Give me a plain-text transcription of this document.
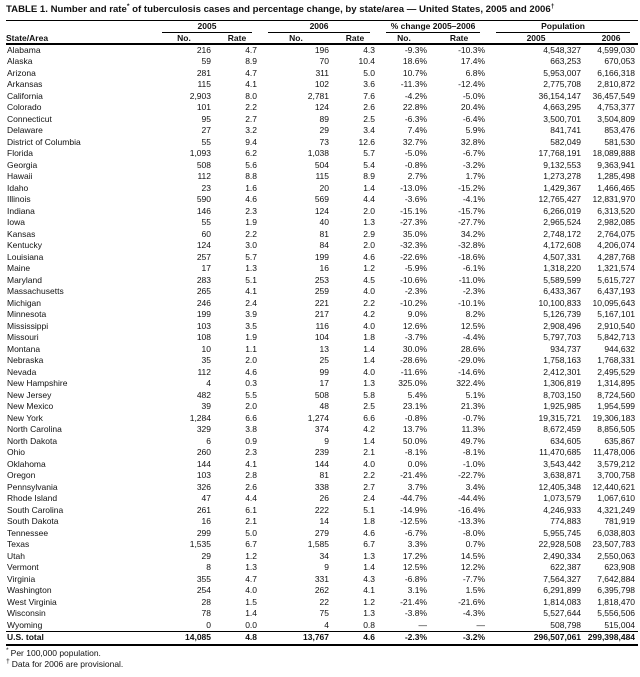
TABLE 1. Number and rate* of tuberculosis cases and percentage change, by state/area — United States, 2005 and 2006†
State/Area	2005		2006		% change 2005–2006		Population	

	No.	Rate	No.	Rate	No.	Rate	2005	2006
Alabama	216	4.7	196	4.3	-9.3%	-10.3%	4,548,327	4,599,030
Alaska	59	8.9	70	10.4	18.6%	17.4%	663,253	670,053
Arizona	281	4.7	311	5.0	10.7%	6.8%	5,953,007	6,166,318
Arkansas	115	4.1	102	3.6	-11.3%	-12.4%	2,775,708	2,810,872
California	2,903	8.0	2,781	7.6	-4.2%	-5.0%	36,154,147	36,457,549
Colorado	101	2.2	124	2.6	22.8%	20.4%	4,663,295	4,753,377
Connecticut	95	2.7	89	2.5	-6.3%	-6.4%	3,500,701	3,504,809
Delaware	27	3.2	29	3.4	7.4%	5.9%	841,741	853,476
District of Columbia	55	9.4	73	12.6	32.7%	32.8%	582,049	581,530
Florida	1,093	6.2	1,038	5.7	-5.0%	-6.7%	17,768,191	18,089,888
Georgia	508	5.6	504	5.4	-0.8%	-3.2%	9,132,553	9,363,941
Hawaii	112	8.8	115	8.9	2.7%	1.7%	1,273,278	1,285,498
Idaho	23	1.6	20	1.4	-13.0%	-15.2%	1,429,367	1,466,465
Illinois	590	4.6	569	4.4	-3.6%	-4.1%	12,765,427	12,831,970
Indiana	146	2.3	124	2.0	-15.1%	-15.7%	6,266,019	6,313,520
Iowa	55	1.9	40	1.3	-27.3%	-27.7%	2,965,524	2,982,085
Kansas	60	2.2	81	2.9	35.0%	34.2%	2,748,172	2,764,075
Kentucky	124	3.0	84	2.0	-32.3%	-32.8%	4,172,608	4,206,074
Louisiana	257	5.7	199	4.6	-22.6%	-18.6%	4,507,331	4,287,768
Maine	17	1.3	16	1.2	-5.9%	-6.1%	1,318,220	1,321,574
Maryland	283	5.1	253	4.5	-10.6%	-11.0%	5,589,599	5,615,727
Massachusetts	265	4.1	259	4.0	-2.3%	-2.3%	6,433,367	6,437,193
Michigan	246	2.4	221	2.2	-10.2%	-10.1%	10,100,833	10,095,643
Minnesota	199	3.9	217	4.2	9.0%	8.2%	5,126,739	5,167,101
Mississippi	103	3.5	116	4.0	12.6%	12.5%	2,908,496	2,910,540
Missouri	108	1.9	104	1.8	-3.7%	-4.4%	5,797,703	5,842,713
Montana	10	1.1	13	1.4	30.0%	28.6%	934,737	944,632
Nebraska	35	2.0	25	1.4	-28.6%	-29.0%	1,758,163	1,768,331
Nevada	112	4.6	99	4.0	-11.6%	-14.6%	2,412,301	2,495,529
New Hampshire	4	0.3	17	1.3	325.0%	322.4%	1,306,819	1,314,895
New Jersey	482	5.5	508	5.8	5.4%	5.1%	8,703,150	8,724,560
New Mexico	39	2.0	48	2.5	23.1%	21.3%	1,925,985	1,954,599
New York	1,284	6.6	1,274	6.6	-0.8%	-0.7%	19,315,721	19,306,183
North Carolina	329	3.8	374	4.2	13.7%	11.3%	8,672,459	8,856,505
North Dakota	6	0.9	9	1.4	50.0%	49.7%	634,605	635,867
Ohio	260	2.3	239	2.1	-8.1%	-8.1%	11,470,685	11,478,006
Oklahoma	144	4.1	144	4.0	0.0%	-1.0%	3,543,442	3,579,212
Oregon	103	2.8	81	2.2	-21.4%	-22.7%	3,638,871	3,700,758
Pennsylvania	326	2.6	338	2.7	3.7%	3.4%	12,405,348	12,440,621
Rhode Island	47	4.4	26	2.4	-44.7%	-44.4%	1,073,579	1,067,610
South Carolina	261	6.1	222	5.1	-14.9%	-16.4%	4,246,933	4,321,249
South Dakota	16	2.1	14	1.8	-12.5%	-13.3%	774,883	781,919
Tennessee	299	5.0	279	4.6	-6.7%	-8.0%	5,955,745	6,038,803
Texas	1,535	6.7	1,585	6.7	3.3%	0.7%	22,928,508	23,507,783
Utah	29	1.2	34	1.3	17.2%	14.5%	2,490,334	2,550,063
Vermont	8	1.3	9	1.4	12.5%	12.2%	622,387	623,908
Virginia	355	4.7	331	4.3	-6.8%	-7.7%	7,564,327	7,642,884
Washington	254	4.0	262	4.1	3.1%	1.5%	6,291,899	6,395,798
West Virginia	28	1.5	22	1.2	-21.4%	-21.6%	1,814,083	1,818,470
Wisconsin	78	1.4	75	1.3	-3.8%	-4.3%	5,527,644	5,556,506
Wyoming	0	0.0	4	0.8	—	—	508,798	515,004
U.S. total	14,085	4.8	13,767	4.6	-2.3%	-3.2%	296,507,061	299,398,484
* Per 100,000 population.
† Data for 2006 are provisional.
